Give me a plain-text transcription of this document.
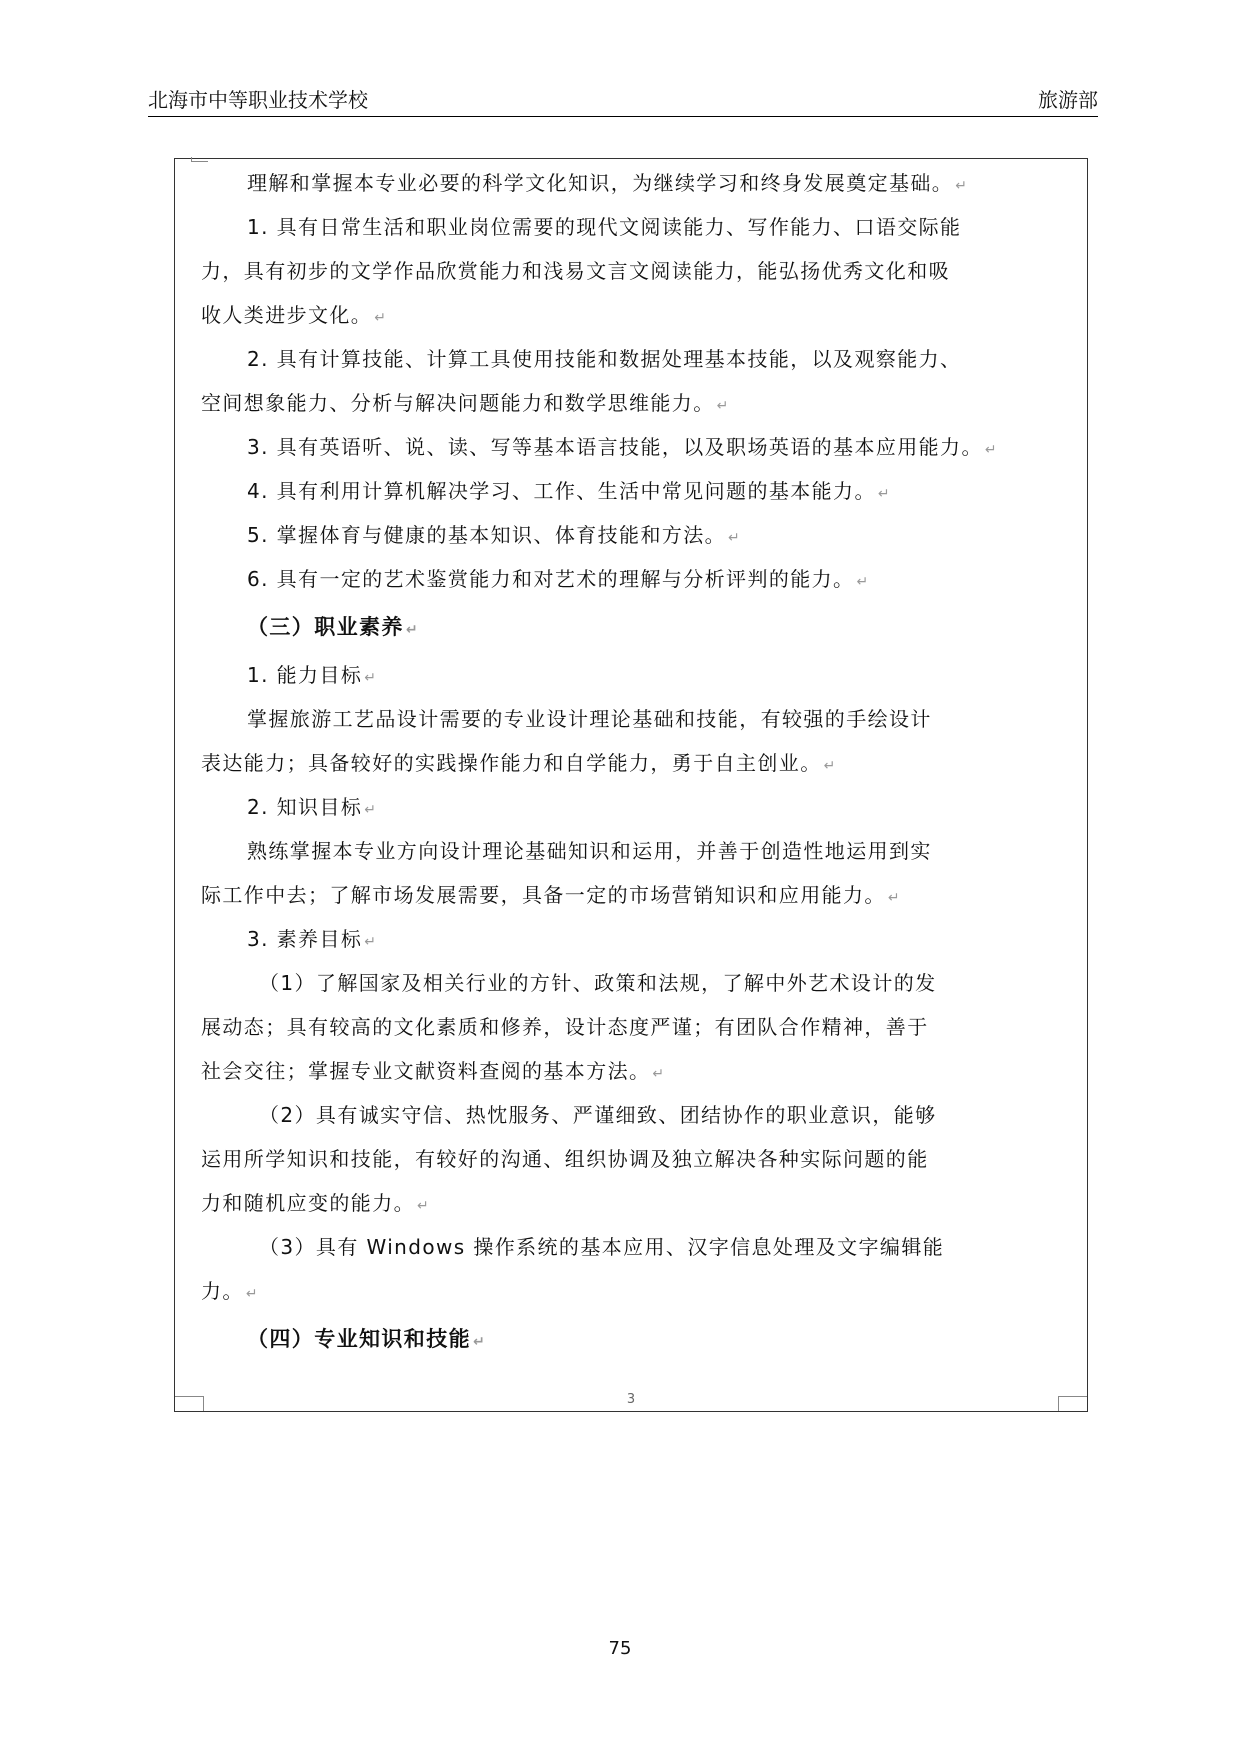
北海市中等职业技术学校	旅游部
理解和掌握本专业必要的科学文化知识，为继续学习和终身发展奠定基础。 ↵
1. 具有日常生活和职业岗位需要的现代文阅读能力、写作能力、口语交际能
力，具有初步的文学作品欣赏能力和浅易文言文阅读能力，能弘扬优秀文化和吸
收人类进步文化。 ↵
2. 具有计算技能、计算工具使用技能和数据处理基本技能，以及观察能力、
空间想象能力、分析与解决问题能力和数学思维能力。 ↵
3. 具有英语听、说、读、写等基本语言技能，以及职场英语的基本应用能力。 ↵
4. 具有利用计算机解决学习、工作、生活中常见问题的基本能力。 ↵
5. 掌握体育与健康的基本知识、体育技能和方法。 ↵
6. 具有一定的艺术鉴赏能力和对艺术的理解与分析评判的能力。 ↵
（三）职业素养 ↵
1. 能力目标 ↵
掌握旅游工艺品设计需要的专业设计理论基础和技能，有较强的手绘设计
表达能力；具备较好的实践操作能力和自学能力，勇于自主创业。 ↵
2. 知识目标 ↵
熟练掌握本专业方向设计理论基础知识和运用，并善于创造性地运用到实
际工作中去；了解市场发展需要，具备一定的市场营销知识和应用能力。 ↵
3. 素养目标 ↵
（1）了解国家及相关行业的方针、政策和法规，了解中外艺术设计的发
展动态；具有较高的文化素质和修养，设计态度严谨；有团队合作精神，善于
社会交往；掌握专业文献资料查阅的基本方法。 ↵
（2）具有诚实守信、热忱服务、严谨细致、团结协作的职业意识，能够
运用所学知识和技能，有较好的沟通、组织协调及独立解决各种实际问题的能
力和随机应变的能力。 ↵
（3）具有 Windows 操作系统的基本应用、汉字信息处理及文字编辑能
力。 ↵
（四）专业知识和技能 ↵
3
75
